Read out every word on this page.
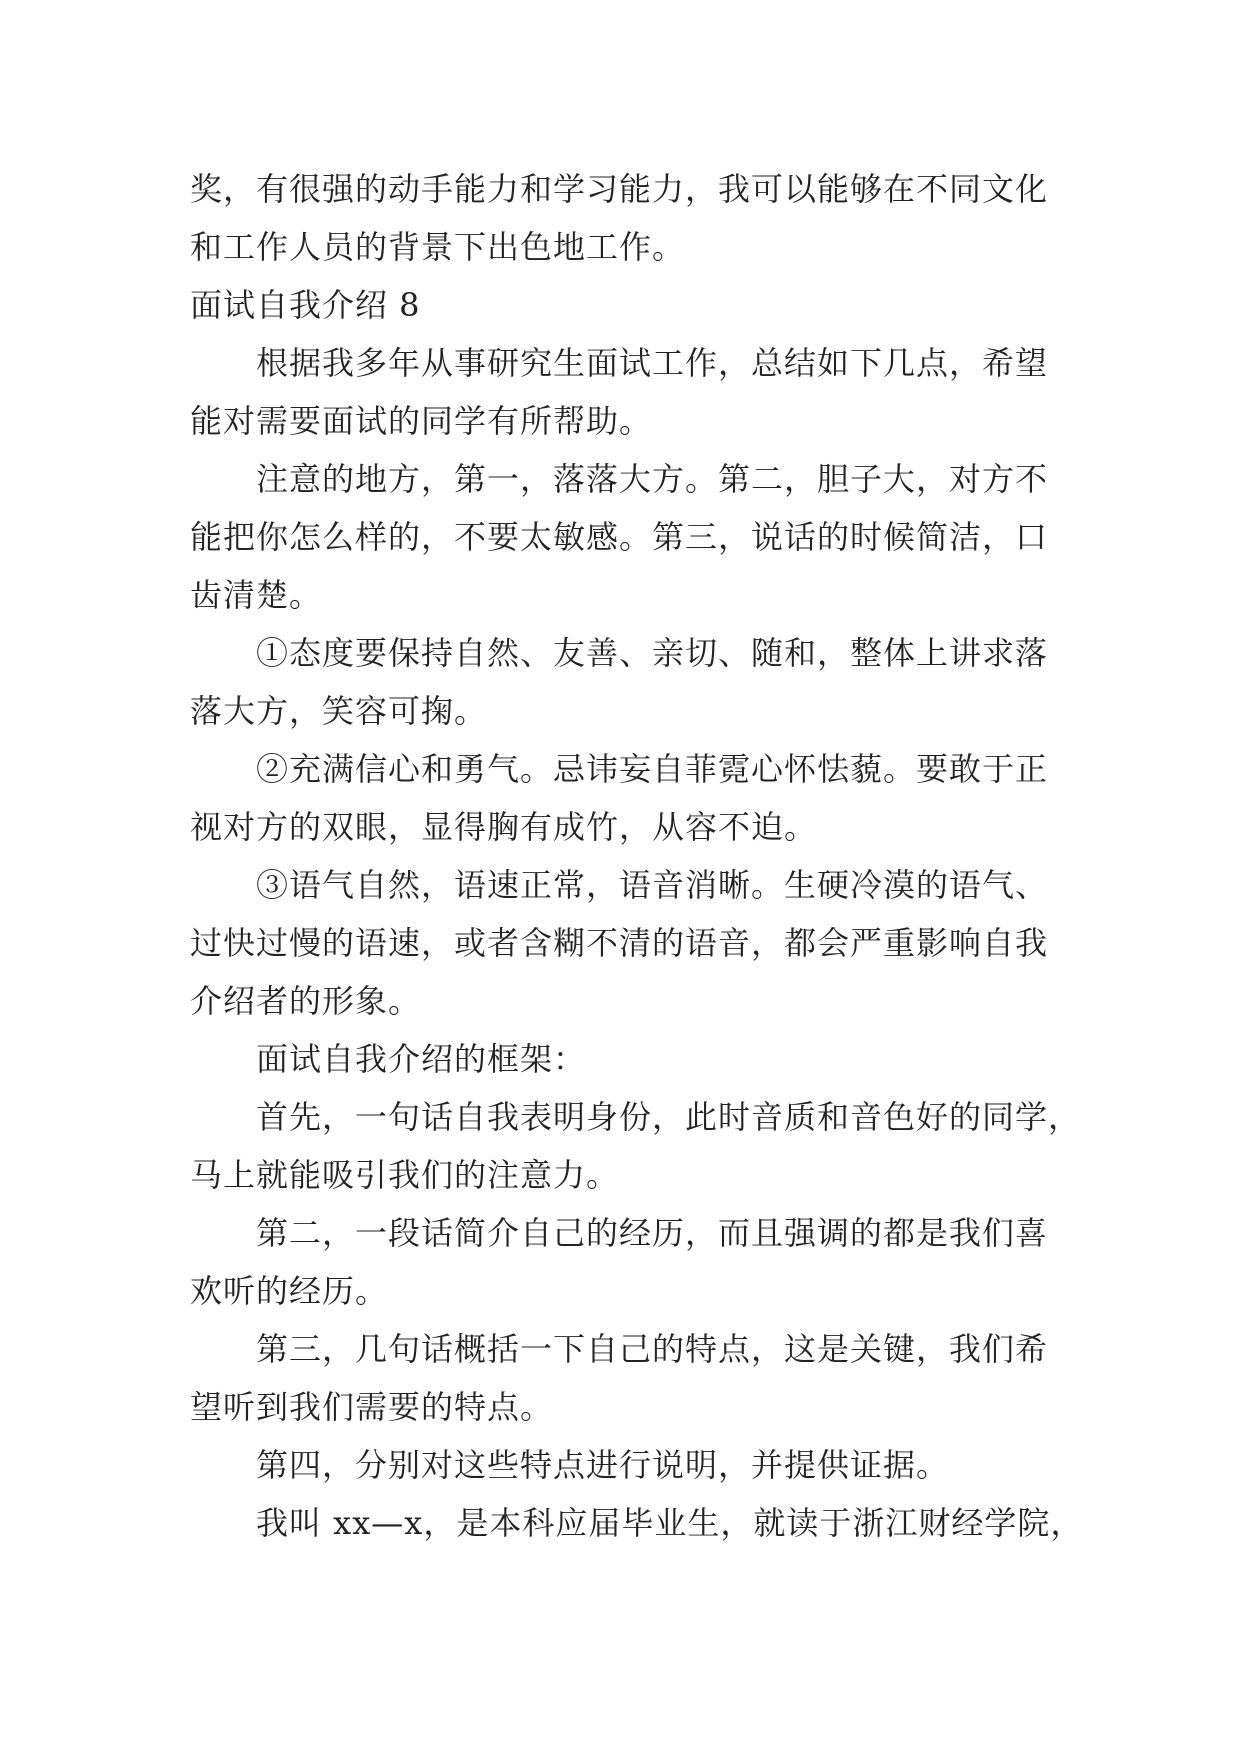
奖，有很强的动手能力和学习能力，我可以能够在不同文化
和工作人员的背景下出色地工作。
面试自我介绍 8
根据我多年从事研究生面试工作，总结如下几点，希望
能对需要面试的同学有所帮助。
注意的地方，第一，落落大方。第二，胆子大，对方不
能把你怎么样的，不要太敏感。第三，说话的时候简洁，口
齿清楚。
①态度要保持自然、友善、亲切、随和，整体上讲求落
落大方，笑容可掬。
②充满信心和勇气。忌讳妄自菲霓心怀怯藐。要敢于正
视对方的双眼，显得胸有成竹，从容不迫。
③语气自然，语速正常，语音消晰。生硬冷漠的语气、
过快过慢的语速，或者含糊不清的语音，都会严重影响自我
介绍者的形象。
面试自我介绍的框架：
首先，一句话自我表明身份，此时音质和音色好的同学，
马上就能吸引我们的注意力。
第二，一段话简介自己的经历，而且强调的都是我们喜
欢听的经历。
第三，几句话概括一下自己的特点，这是关键，我们希
望听到我们需要的特点。
第四，分别对这些特点进行说明，并提供证据。
我叫 xx—x，是本科应届毕业生，就读于浙江财经学院，
